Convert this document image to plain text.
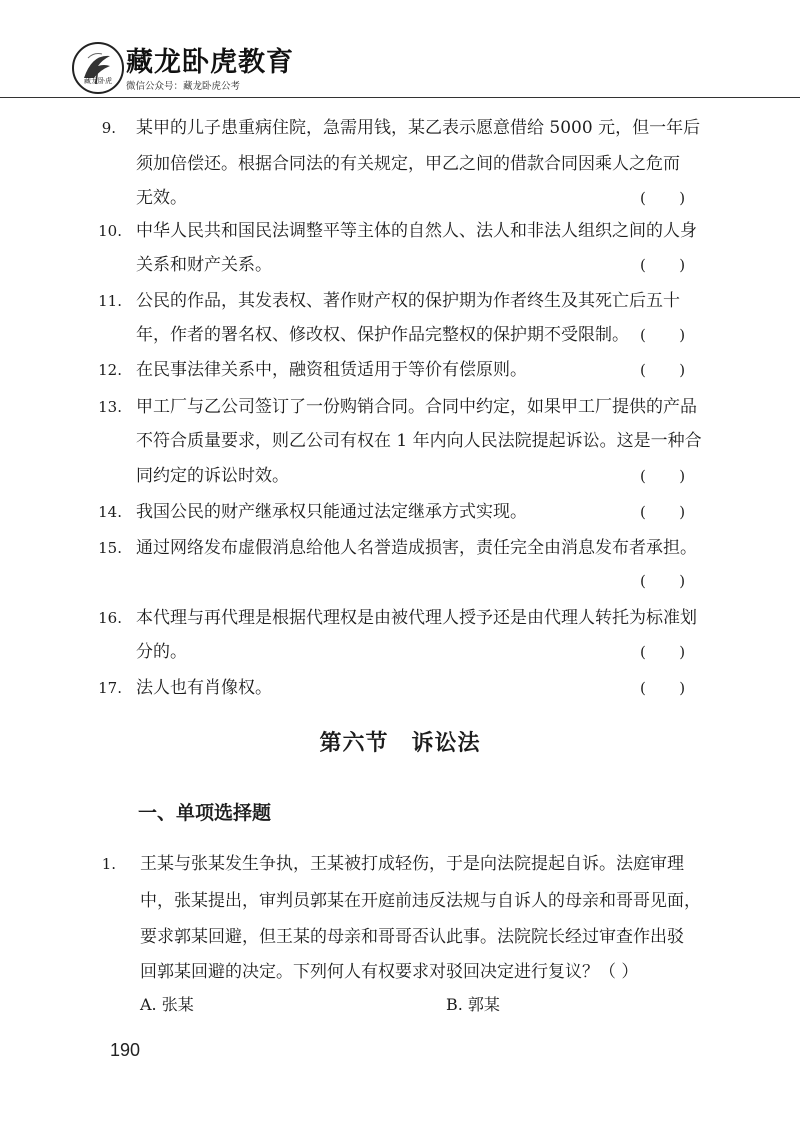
藏龙卧虎
藏龙卧虎教育
微信公众号：藏龙卧虎公考
9. 某甲的儿子患重病住院，急需用钱，某乙表示愿意借给 5000 元，但一年后
须加倍偿还。根据合同法的有关规定，甲乙之间的借款合同因乘人之危而
无效。	(       )
10. 中华人民共和国民法调整平等主体的自然人、法人和非法人组织之间的人身
关系和财产关系。	(       )
11. 公民的作品，其发表权、著作财产权的保护期为作者终生及其死亡后五十
年，作者的署名权、修改权、保护作品完整权的保护期不受限制。 (       )
12. 在民事法律关系中，融资租赁适用于等价有偿原则。	(       )
13. 甲工厂与乙公司签订了一份购销合同。合同中约定，如果甲工厂提供的产品
不符合质量要求，则乙公司有权在 1 年内向人民法院提起诉讼。这是一种合
同约定的诉讼时效。	(       )
14. 我国公民的财产继承权只能通过法定继承方式实现。	(       )
15. 通过网络发布虚假消息给他人名誉造成损害，责任完全由消息发布者承担。
(       )
16. 本代理与再代理是根据代理权是由被代理人授予还是由代理人转托为标准划
分的。	(       )
17. 法人也有肖像权。	(       )
第六节　诉讼法
一、单项选择题
1. 王某与张某发生争执，王某被打成轻伤，于是向法院提起自诉。法庭审理
中，张某提出，审判员郭某在开庭前违反法规与自诉人的母亲和哥哥见面，
要求郭某回避，但王某的母亲和哥哥否认此事。法院院长经过审查作出驳
回郭某回避的决定。下列何人有权要求对驳回决定进行复议？（ ）
A. 张某	B. 郭某
190
